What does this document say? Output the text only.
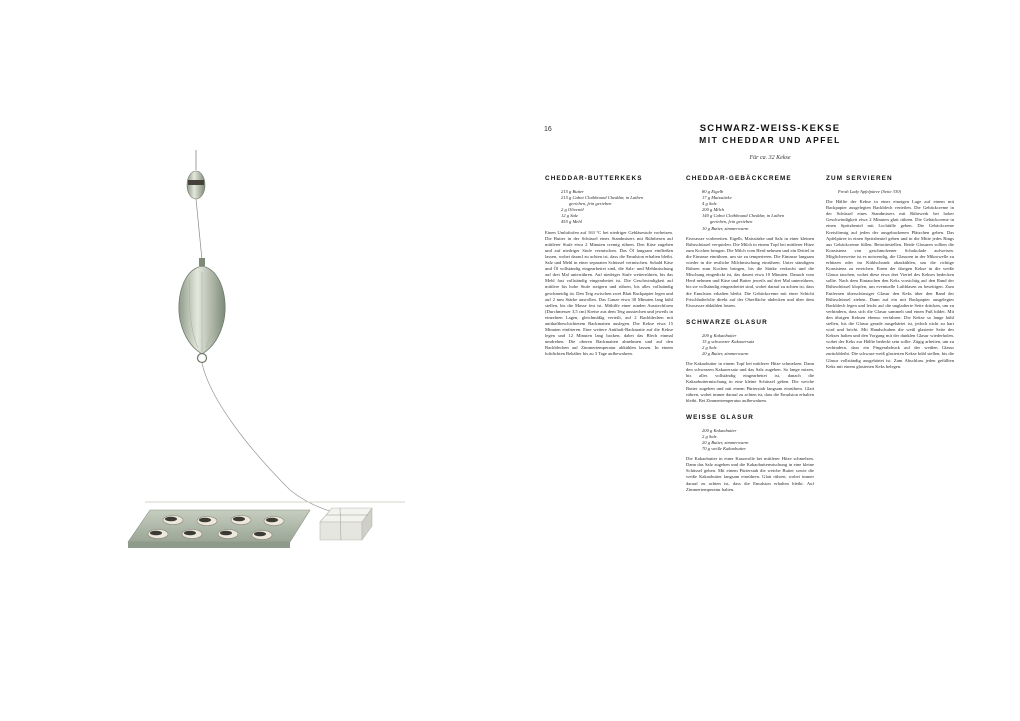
16	SCHWARZ-WEISS-KEKSE
MIT CHEDDAR UND APFEL

Für ca. 32 Kekse

CHEDDAR-BUTTERKEKS
215 g Butter
215 g Cabot Clothbound Cheddar, in Laiben
gerieben, fein gerieben
2 g Olivenöl
12 g Salz
455 g Mehl

Einen Umluftofen auf 163 °C bei niedriger Gebläsestufe vorheizen. Die Butter in der Schüssel eines Standmixers mit Rührbesen auf mittlerer Stufe etwa 2 Minuten cremig rühren. Den Käse zugeben und auf niedriger Stufe vermischen. Das Öl langsam einfließen lassen, wobei darauf zu achten ist, dass die Emulsion erhalten bleibt. Salz und Mehl in einer separaten Schüssel vermischen. Sobald Käse und Öl vollständig eingearbeitet sind, die Salz- und Mehlmischung auf drei Mal unterrühren. Auf niedriger Stufe weiterrühren, bis das Mehl fast vollständig eingearbeitet ist. Die Geschwindigkeit auf mittlere bis hohe Stufe steigern und rühren, bis alles vollständig geschmeidig ist. Den Teig zwischen zwei Blatt Backpapier legen und auf 2 mm Stärke ausrollen. Das Ganze etwa 30 Minuten lang kühl stellen, bis die Masse fest ist. Mithilfe einer runden Ausstechform (Durchmesser 3,5 cm) Kreise aus dem Teig ausstechen und jeweils in einzelnen Lagen, gleichmäßig verteilt, auf 2 Backblechen mit antihaftbeschichtetem Backmatten auslegen. Die Kekse etwa 15 Minuten einfrieren. Eine weitere Antihaft-Backmatte auf die Kekse legen und 12 Minuten lang backen, dabei das Blech einmal umdrehen. Die oberen Backmatten abnehmen und auf den Backblechen auf Zimmertemperatur abkühlen lassen. In einem luftdichten Behälter bis zu 3 Tage aufbewahren.

CHEDDAR-GEBÄCKCREME
80 g Eigelb
17 g Maisstärke
4 g Salz
200 g Milch
140 g Cabot Clothbound Cheddar, in Laiben
gerieben, fein gerieben
10 g Butter, zimmerwarm

Eiswasser vorbereiten. Eigelb, Maisstärke und Salz in einer kleinen Rührschüssel verquirlen. Die Milch in einem Topf bei mittlerer Hitze zum Kochen bringen. Die Milch vom Herd nehmen und ein Drittel in die Eimasse einrühren, um sie zu temperieren. Die Eimasse langsam wieder in die restliche Milchmischung einrühren. Unter ständigem Rühren zum Kochen bringen, bis die Stärke verkocht und die Mischung eingedickt ist, das dauert etwa 10 Minuten. Danach vom Herd nehmen und Käse und Butter jeweils auf drei Mal unterrühren, bis sie vollständig eingearbeitet sind, wobei darauf zu achten ist, dass die Emulsion erhalten bleibt. Die Gebäckcreme mit einer Schicht Frischhaltefolie direkt auf der Oberfläche abdecken und über dem Eiswasser abkühlen lassen.

SCHWARZE GLASUR
200 g Kakaobutter
15 g schwarzer Kakaoersatz
2 g Salz
20 g Butter, zimmerwarm

Die Kakaobutter in einem Topf bei mittlerer Hitze schmelzen. Dann den schwarzen Kakaoersatz und das Salz zugeben. So lange mixen, bis alles vollständig eingearbeitet ist, danach die Kakaobuttermischung in eine kleine Schüssel geben. Die weiche Butter zugeben und mit einem Pürierstab langsam einrühren. Glatt rühren, wobei immer darauf zu achten ist, dass die Emulsion erhalten bleibt. Bei Zimmertemperatur aufbewahren.

WEISSE GLASUR
200 g Kakaobutter
2 g Salz
20 g Butter, zimmerwarm
70 g weiße Kakaobutter

Die Kakaobutter in einer Kasserolle bei mittlerer Hitze schmelzen. Dann das Salz zugeben und die Kakaobuttermischung in eine kleine Schüssel geben. Mit einem Pürierstab die weiche Butter sowie die weiße Kakaobutter langsam einrühren. Glatt rühren, wobei immer darauf zu achten ist, dass die Emulsion erhalten bleibt. Auf Zimmertemperatur halten.

ZUM SERVIEREN

Fresh Lady Apfelpüree (Seite 330)

Die Hälfte der Kekse in einer einzigen Lage auf einem mit Backpapier ausgelegten Backblech verteilen. Die Gebäckcreme in der Schüssel eines Standmixers mit Rührwerk bei hoher Geschwindigkeit etwa 2 Minuten glatt rühren. Die Gebäckcreme in einen Spritzbeutel mit Lochtülle geben. Die Gebäckcreme Kreisförmig auf jeden der ausgebackenen Plätzchen geben. Das Apfelpüree in einen Spritzbeutel geben und in die Mitte jedes Rings aus Gebäckcreme füllen. Beiseitestellen. Beide Glasuren sollten die Konsistenz von geschmolzener Schokolade aufweisen. Möglicherweise ist es notwendig, die Glasuren in der Mikrowelle zu erhitzen oder im Kühlschrank abzukühlen, um die richtige Konsistenz zu erreichen. Einen der übrigen Kekse in die weiße Glasur tauchen, wobei diese etwa drei Viertel des Kekses bedecken sollte. Nach dem Eintauchen den Keks vorsichtig auf den Rand der Rührschüssel klopfen, um eventuelle Luftblasen zu beseitigen. Zum Entfernen überschüssiger Glasur den Keks über den Rand der Rührschüssel ziehen. Dann auf ein mit Backpapier ausgelegtes Backblech legen und leicht auf die ungladierte Seite drücken, um zu verhindern, dass sich die Glasur sammelt und einen Fuß bildet. Mit den übrigen Keksen ebenso verfahren. Die Kekse so lange kühl stellen, bis die Glasur gerade ausgehärtet ist, jedoch nicht zu hart wird und bricht. Mit Handschuhen die weiß glasierte Seite des Kekses halten und den Vorgang mit der dunklen Glasur wiederholen, wobei der Keks zur Hälfte bedeckt sein sollte. Zügig arbeiten, um zu verhindern, dass ein Fingerabdruck auf der weißen Glasur zurückbleibt. Die schwarz-weiß glasierten Kekse kühl stellen, bis die Glasur vollständig ausgehärtet ist. Zum Abschluss jeden gefüllten Keks mit einem glasierten Keks belegen.
